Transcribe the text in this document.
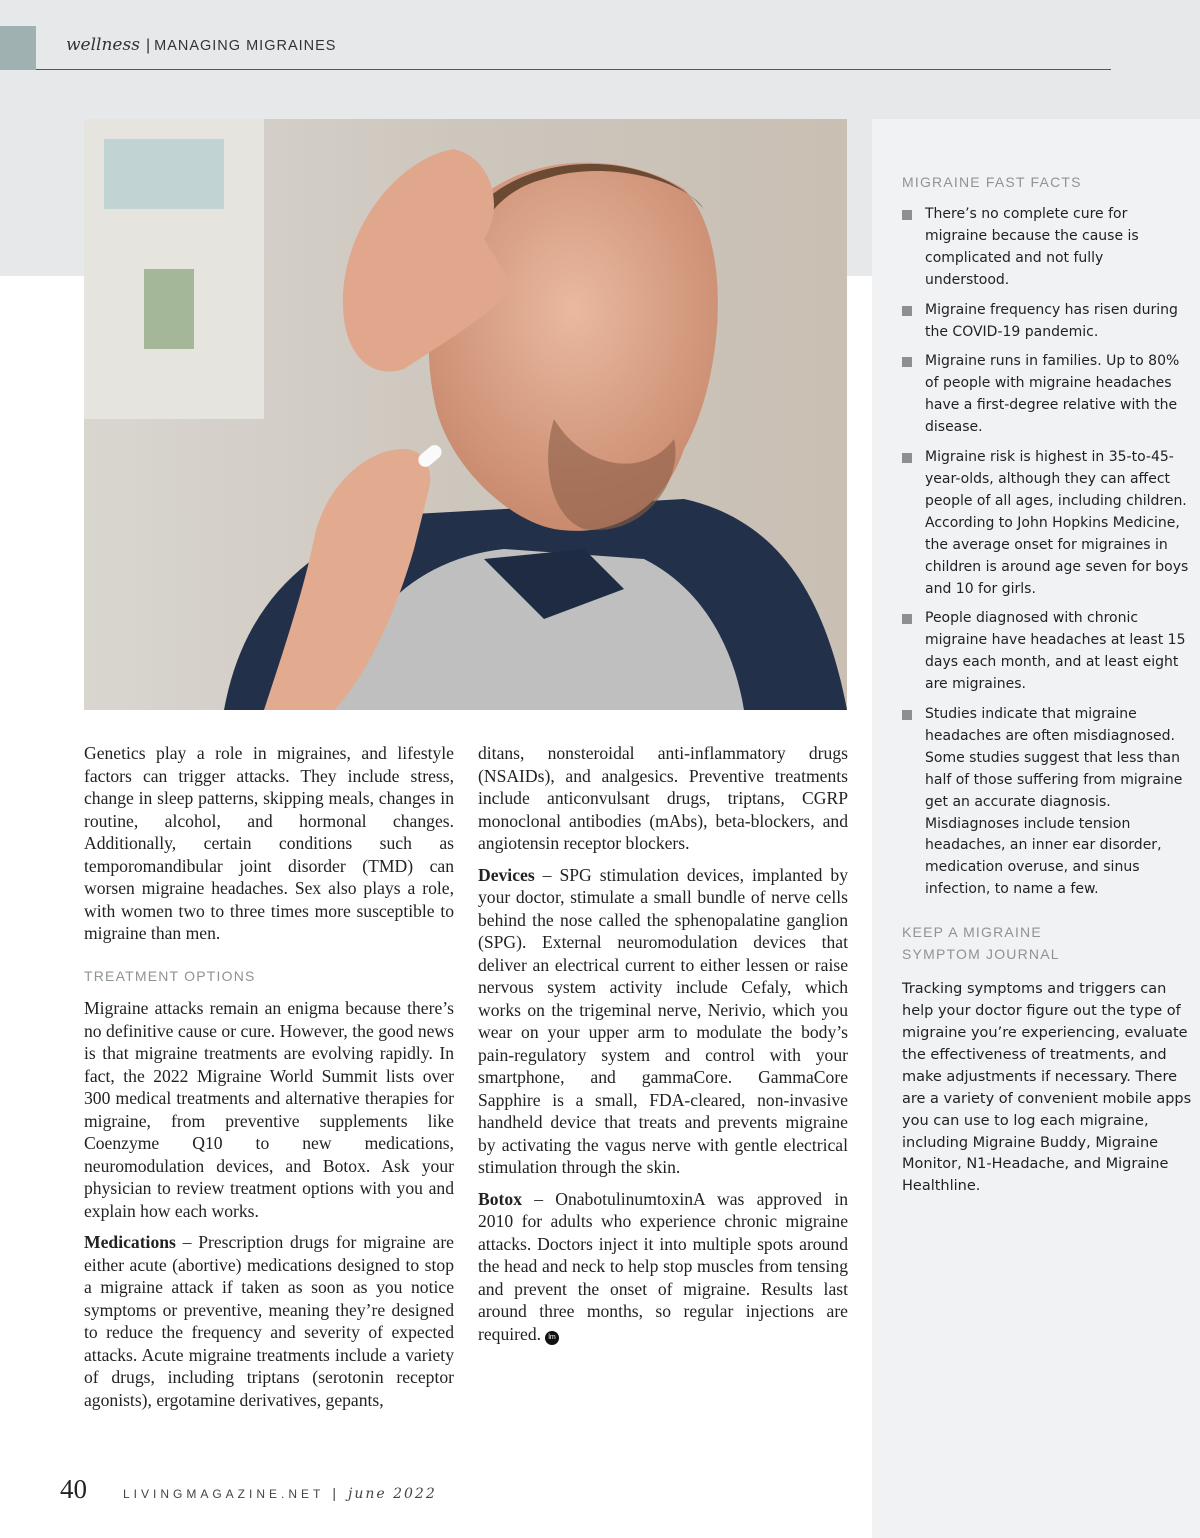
wellness | MANAGING MIGRAINES
MIGRAINE FAST FACTS
There’s no complete cure for migraine because the cause is complicated and not fully understood.
Migraine frequency has risen during the COVID-19 pandemic.
Migraine runs in families. Up to 80% of people with migraine headaches have a first-degree relative with the disease.
Migraine risk is highest in 35-to-45-year-olds, although they can affect people of all ages, including children. According to John Hopkins Medicine, the average onset for migraines in children is around age seven for boys and 10 for girls.
People diagnosed with chronic migraine have headaches at least 15 days each month, and at least eight are migraines.
Studies indicate that migraine headaches are often misdiagnosed. Some studies suggest that less than half of those suffering from migraine get an accurate diagnosis. Misdiagnoses include tension headaches, an inner ear disorder, medication overuse, and sinus infection, to name a few.
KEEP A MIGRAINE SYMPTOM JOURNAL

Tracking symptoms and triggers can help your doctor figure out the type of migraine you’re experiencing, evaluate the effectiveness of treatments, and make adjustments if necessary. There are a variety of convenient mobile apps you can use to log each migraine, including Migraine Buddy, Migraine Monitor, N1-Headache, and Migraine Healthline.

Genetics play a role in migraines, and lifestyle factors can trigger attacks. They include stress, change in sleep patterns, skipping meals, changes in routine, alcohol, and hormonal changes. Additionally, certain conditions such as temporomandibular joint disorder (TMD) can worsen migraine headaches. Sex also plays a role, with women two to three times more susceptible to migraine than men.

TREATMENT OPTIONS

Migraine attacks remain an enigma because there’s no definitive cause or cure. However, the good news is that migraine treatments are evolving rapidly. In fact, the 2022 Migraine World Summit lists over 300 medical treatments and alternative therapies for migraine, from preventive supplements like Coenzyme Q10 to new medications, neuromodulation devices, and Botox. Ask your physician to review treatment options with you and explain how each works.

Medications – Prescription drugs for migraine are either acute (abortive) medications designed to stop a migraine attack if taken as soon as you notice symptoms or preventive, meaning they’re designed to reduce the frequency and severity of expected attacks. Acute migraine treatments include a variety of drugs, including triptans (serotonin receptor agonists), ergotamine derivatives, gepants,

ditans, nonsteroidal anti-inflammatory drugs (NSAIDs), and analgesics. Preventive treatments include anticonvulsant drugs, triptans, CGRP monoclonal antibodies (mAbs), beta-blockers, and angiotensin receptor blockers.

Devices – SPG stimulation devices, implanted by your doctor, stimulate a small bundle of nerve cells behind the nose called the sphenopalatine ganglion (SPG). External neuromodulation devices that deliver an electrical current to either lessen or raise nervous system activity include Cefaly, which works on the trigeminal nerve, Nerivio, which you wear on your upper arm to modulate the body’s pain-regulatory system and control with your smartphone, and gammaCore. GammaCore Sapphire is a small, FDA-cleared, non-invasive handheld device that treats and prevents migraine by activating the vagus nerve with gentle electrical stimulation through the skin.

Botox – OnabotulinumtoxinA was approved in 2010 for adults who experience chronic migraine attacks. Doctors inject it into multiple spots around the head and neck to help stop muscles from tensing and prevent the onset of migraine. Results last around three months, so regular injections are required. lm

40	LIVINGMAGAZINE.NET | june 2022
